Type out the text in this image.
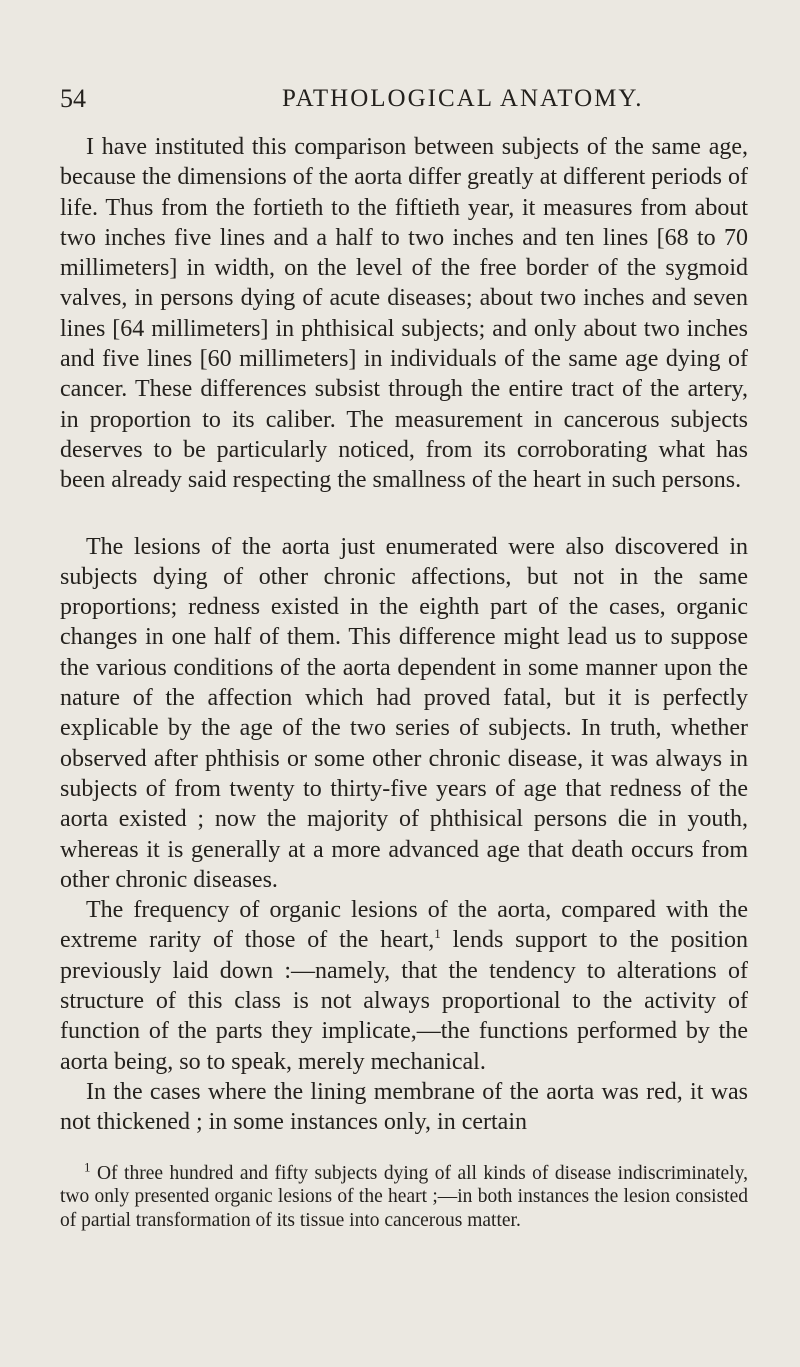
54	PATHOLOGICAL ANATOMY.

I have instituted this comparison between subjects of the same age, because the dimensions of the aorta differ greatly at different periods of life. Thus from the fortieth to the fiftieth year, it measures from about two inches five lines and a half to two inches and ten lines [68 to 70 millimeters] in width, on the level of the free border of the sygmoid valves, in persons dying of acute diseases; about two inches and seven lines [64 millimeters] in phthisical subjects; and only about two inches and five lines [60 millimeters] in individuals of the same age dying of cancer. These differences subsist through the entire tract of the artery, in proportion to its caliber. The measurement in cancerous subjects deserves to be particularly noticed, from its corroborating what has been already said respecting the smallness of the heart in such persons.

The lesions of the aorta just enumerated were also discovered in subjects dying of other chronic affections, but not in the same proportions; redness existed in the eighth part of the cases, organic changes in one half of them. This difference might lead us to suppose the various conditions of the aorta dependent in some manner upon the nature of the affection which had proved fatal, but it is perfectly explicable by the age of the two series of subjects. In truth, whether observed after phthisis or some other chronic disease, it was always in subjects of from twenty to thirty-five years of age that redness of the aorta existed ; now the majority of phthisical persons die in youth, whereas it is generally at a more advanced age that death occurs from other chronic diseases.

The frequency of organic lesions of the aorta, compared with the extreme rarity of those of the heart,$^1$ lends support to the position previously laid down :—namely, that the tendency to alterations of structure of this class is not always proportional to the activity of function of the parts they implicate,—the functions performed by the aorta being, so to speak, merely mechanical.

In the cases where the lining membrane of the aorta was red, it was not thickened ; in some instances only, in certain

$^1$ Of three hundred and fifty subjects dying of all kinds of disease indiscriminately, two only presented organic lesions of the heart ;—in both instances the lesion consisted of partial transformation of its tissue into cancerous matter.
